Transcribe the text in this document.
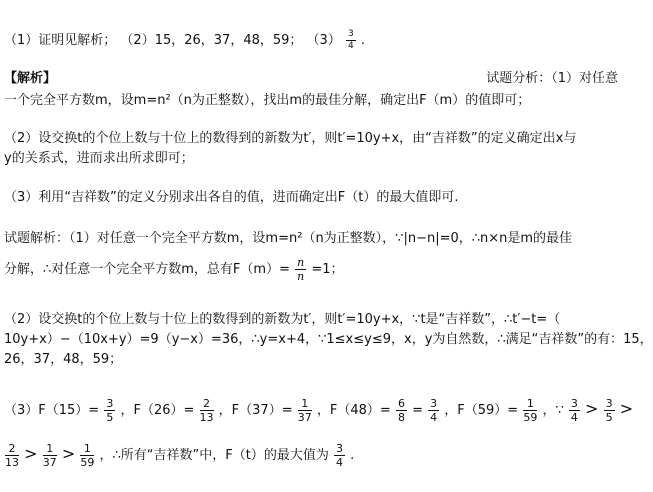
（1）证明见解析； （2）15，26，37，48，59； $(3) \frac{3}{4}$ .
【解析】	试题分析：（1）对任意
一个完全平方数m，设m=n²（n为正整数），找出m的最佳分解，确定出F（m）的值即可；
（2）设交换t的个位上数与十位上的数得到的新数为t′，则t′=10y+x，由“吉祥数”的定义确定出x与
y的关系式，进而求出所求即可；
（3）利用“吉祥数”的定义分别求出各自的值，进而确定出F（t）的最大值即可.
试题解析：（1）对任意一个完全平方数m，设m=n²（n为正整数），∵|n−n|=0，∴n×n是m的最佳
分解，∴对任意一个完全平方数m，总有$F(m)= \frac{n}{n} =1$；
（2）设交换t的个位上数与十位上的数得到的新数为t′，则t′=10y+x，∵t是“吉祥数”，∴t′−t=（
10y+x）−（10x+y）=9（y−x）=36，∴y=x+4，∵1≤x≤y≤9，x，y为自然数，∴满足“吉祥数”的有：15，
26，37，48，59；
$(3)F(15)= \frac{3}{5}$ ，$F(26)= \frac{2}{13}$ ，$F(37)= \frac{1}{37}$ ，$F(48)= \frac{6}{8} = \frac{3}{4}$ ，$F(59)= \frac{1}{59}$ ，∵ $\frac{3}{4} > \frac{3}{5}$ >
$\frac{2}{13} > \frac{1}{37} > \frac{1}{59}$ ，∴所有“吉祥数”中，F（t）的最大值为 $\frac{3}{4}$ .
